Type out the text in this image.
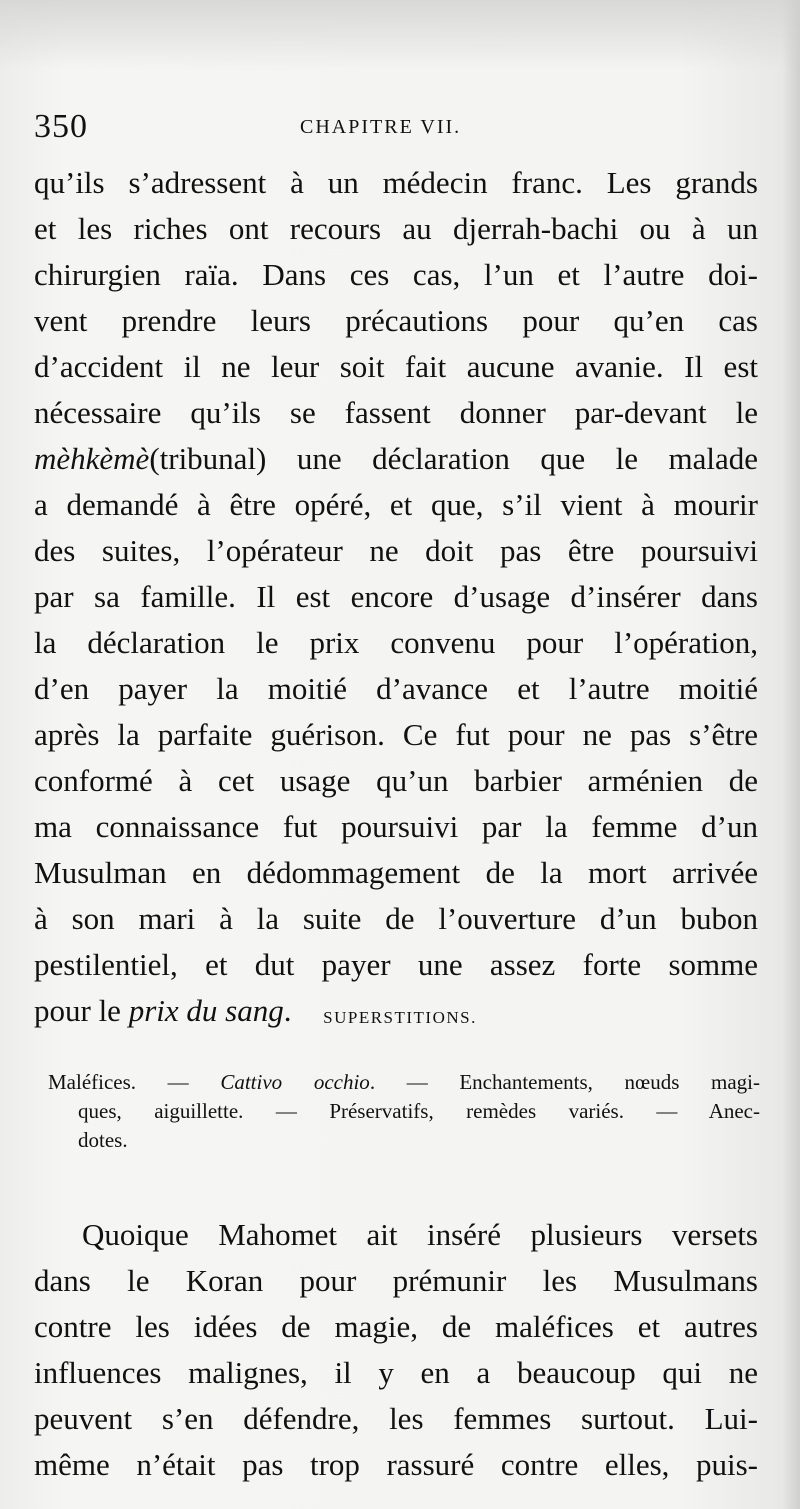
350	CHAPITRE VII.
qu’ils s’adressent à un médecin franc. Les grands
et les riches ont recours au djerrah-bachi ou à un
chirurgien raïa. Dans ces cas, l’un et l’autre doi-
vent prendre leurs précautions pour qu’en cas
d’accident il ne leur soit fait aucune avanie. Il est
nécessaire qu’ils se fassent donner par-devant le
mèhkèmè(tribunal) une déclaration que le malade
a demandé à être opéré, et que, s’il vient à mourir
des suites, l’opérateur ne doit pas être poursuivi
par sa famille. Il est encore d’usage d’insérer dans
la déclaration le prix convenu pour l’opération,
d’en payer la moitié d’avance et l’autre moitié
après la parfaite guérison. Ce fut pour ne pas s’être
conformé à cet usage qu’un barbier arménien de
ma connaissance fut poursuivi par la femme d’un
Musulman en dédommagement de la mort arrivée
à son mari à la suite de l’ouverture d’un bubon
pestilentiel, et dut payer une assez forte somme
pour le prix du sang.	SUPERSTITIONS.
Maléfices. — Cattivo occhio. — Enchantements, nœuds magi-
ques, aiguillette. — Préservatifs, remèdes variés. — Anec-
dotes.
Quoique Mahomet ait inséré plusieurs versets
dans le Koran pour prémunir les Musulmans
contre les idées de magie, de maléfices et autres
influences malignes, il y en a beaucoup qui ne
peuvent s’en défendre, les femmes surtout. Lui-
même n’était pas trop rassuré contre elles, puis-
